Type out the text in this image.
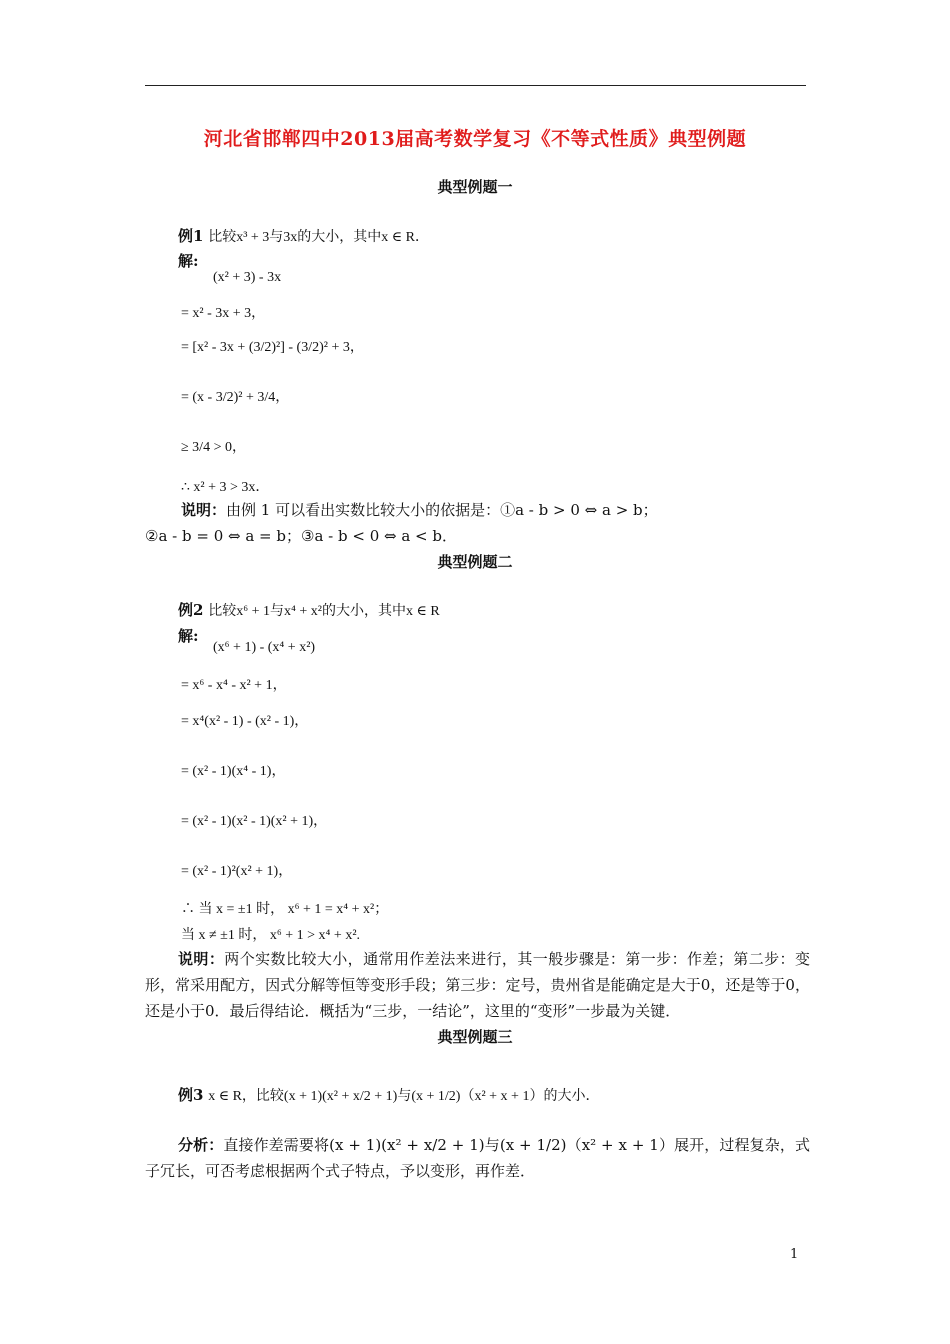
河北省邯郸四中2013届高考数学复习《不等式性质》典型例题
典型例题一
例1 比较x³ + 3与3x的大小，其中x ∈ R．
解:
(x² + 3) - 3x
= x² - 3x + 3，
= [x² - 3x + (3/2)²] - (3/2)² + 3，
= (x - 3/2)² + 3/4，
≥ 3/4 > 0，
∴ x² + 3 > 3x．
说明：由例 1 可以看出实数比较大小的依据是：①a - b > 0 ⇔ a > b；
②a - b = 0 ⇔ a = b；③a - b < 0 ⇔ a < b．
典型例题二
例2 比较x⁶ + 1与x⁴ + x²的大小，其中x ∈ R
解:
(x⁶ + 1) - (x⁴ + x²)
= x⁶ - x⁴ - x² + 1，
= x⁴(x² - 1) - (x² - 1)，
= (x² - 1)(x⁴ - 1)，
= (x² - 1)(x² - 1)(x² + 1)，
= (x² - 1)²(x² + 1)，
∴ 当 x = ±1 时， x⁶ + 1 = x⁴ + x²；
当 x ≠ ±1 时， x⁶ + 1 > x⁴ + x².
说明：两个实数比较大小，通常用作差法来进行，其一般步骤是：第一步：作差；第二步：变形，常采用配方，因式分解等恒等变形手段；第三步：定号，贵州省是能确定是大于0，还是等于0，还是小于0．最后得结论．概括为“三步，一结论”，这里的“变形”一步最为关键．
典型例题三
例3 x ∈ R，比较(x + 1)(x² + x/2 + 1)与(x + 1/2)（x² + x + 1）的大小．
分析：直接作差需要将(x + 1)(x² + x/2 + 1)与(x + 1/2)（x² + x + 1）展开，过程复杂，式子冗长，可否考虑根据两个式子特点，予以变形，再作差．
1
